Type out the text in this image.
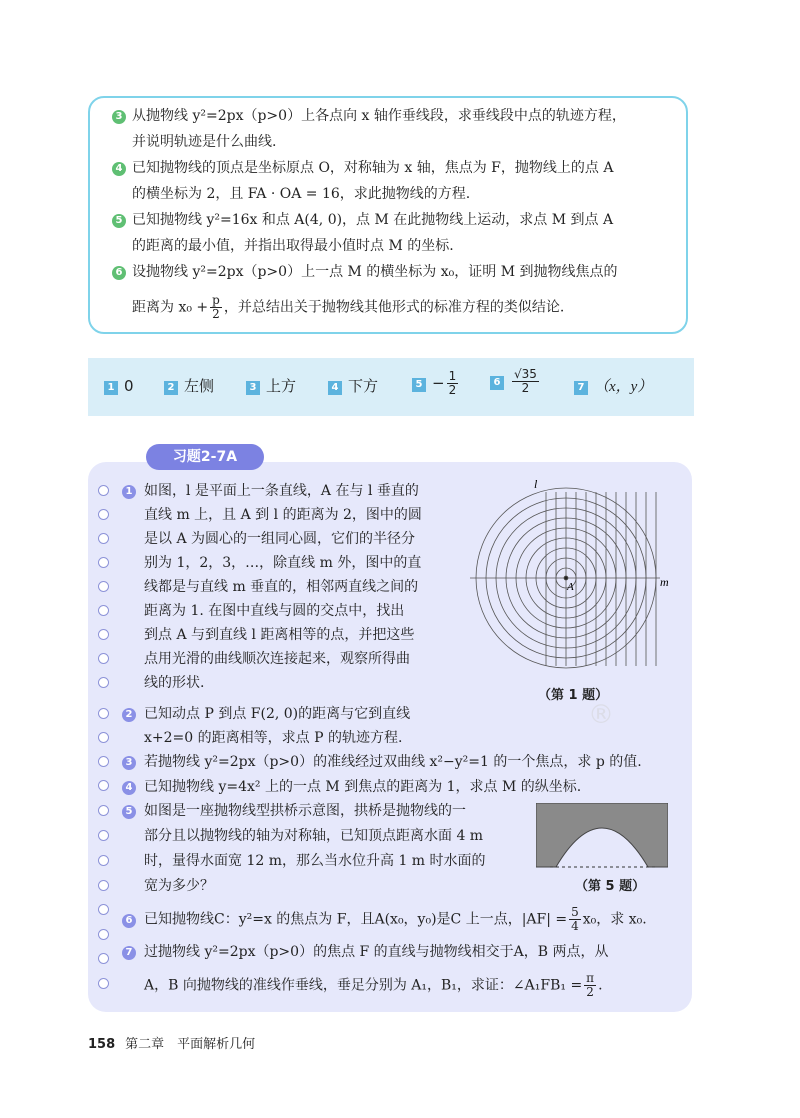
3 从抛物线 y²=2px（p>0）上各点向 x 轴作垂线段，求垂线段中点的轨迹方程，
并说明轨迹是什么曲线.
4 已知抛物线的顶点是坐标原点 O，对称轴为 x 轴，焦点为 F，抛物线上的点 A
的横坐标为 2，且 FA · OA = 16，求此抛物线的方程.
5 已知抛物线 y²=16x 和点 A(4, 0)，点 M 在此抛物线上运动，求点 M 到点 A
的距离的最小值，并指出取得最小值时点 M 的坐标.
6 设抛物线 y²=2px（p>0）上一点 M 的横坐标为 x₀，证明 M 到抛物线焦点的
距离为 $x_0 + \frac{p}{2}$ ，并总结出关于抛物线其他形式的标准方程的类似结论.
1 0	2 左侧	3 上方	4 下方	$5 - \frac{1}{2}$	$6 \frac{√35}{2}$	7 （x，y）
习题2-7A
1 如图，l 是平面上一条直线，A 在与 l 垂直的
直线 m 上，且 A 到 l 的距离为 2，图中的圆
是以 A 为圆心的一组同心圆，它们的半径分
别为 1，2，3，…，除直线 m 外，图中的直
线都是与直线 m 垂直的，相邻两直线之间的
距离为 1. 在图中直线与圆的交点中，找出
到点 A 与到直线 l 距离相等的点，并把这些
点用光滑的曲线顺次连接起来，观察所得曲
线的形状.
l
m
A
（第 1 题）
®
2 已知动点 P 到点 F(2, 0)的距离与它到直线
x+2=0 的距离相等，求点 P 的轨迹方程.
3 若抛物线 y²=2px（p>0）的准线经过双曲线 x²−y²=1 的一个焦点，求 p 的值.
4 已知抛物线 y=4x² 上的一点 M 到焦点的距离为 1，求点 M 的纵坐标.
5 如图是一座抛物线型拱桥示意图，拱桥是抛物线的一
部分且以抛物线的轴为对称轴，已知顶点距离水面 4 m
时，量得水面宽 12 m，那么当水位升高 1 m 时水面的
宽为多少？	（第 5 题）
6 已知抛物线C：y²=x 的焦点为 F，且A(x₀，y₀)是C 上一点，$|AF| = \frac{5}{4} x_0$，求 x₀.
7 过抛物线 y²=2px（p>0）的焦点 F 的直线与抛物线相交于A，B 两点，从
A，B 向抛物线的准线作垂线，垂足分别为 A₁，B₁，求证：∠A₁FB₁ = $\frac{\pi}{2}$ .
158 第二章　平面解析几何
